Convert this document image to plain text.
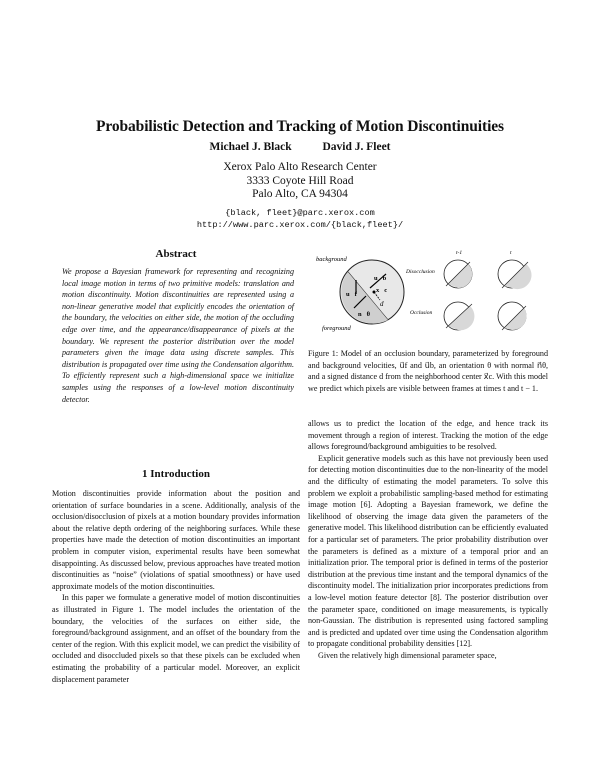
Probabilistic Detection and Tracking of Motion Discontinuities
Michael J. Black	David J. Fleet
Xerox Palo Alto Research Center
3333 Coyote Hill Road
Palo Alto, CA 94304
{black, fleet}@parc.xerox.com
http://www.parc.xerox.com/{black,fleet}/
Abstract
We propose a Bayesian framework for representing and recognizing local image motion in terms of two primitive models: translation and motion discontinuity. Motion discontinuities are represented using a non-linear generative model that explicitly encodes the orientation of the boundary, the velocities on either side, the motion of the occluding edge over time, and the appearance/disappearance of pixels at the boundary. We represent the posterior distribution over the model parameters given the image data using discrete samples. This distribution is propagated over time using the Condensation algorithm. To efficiently represent such a high-dimensional space we initialize samples using the responses of a low-level motion discontinuity detector.
1 Introduction

Motion discontinuities provide information about the position and orientation of surface boundaries in a scene. Additionally, analysis of the occlusion/disocclusion of pixels at a motion boundary provides information about the relative depth ordering of the neighboring surfaces. While these properties have made the detection of motion discontinuities an important problem in computer vision, experimental results have been somewhat disappointing. As discussed below, previous approaches have treated motion discontinuities as “noise” (violations of spatial smoothness) or have used approximate models of the motion discontinuities.

In this paper we formulate a generative model of motion discontinuities as illustrated in Figure 1. The model includes the orientation of the boundary, the velocities of the surfaces on either side, the foreground/background assignment, and an offset of the boundary from the center of the region. With this explicit model, we can predict the visibility of occluded and disoccluded pixels so that these pixels can be excluded when estimating the probability of a particular model. Moreover, an explicit displacement parameter

background
foreground
u⃗b
u⃗f
x⃗c
d
n⃗θ
t-1	t
Disocclusion
Occlusion
Figure 1: Model of an occlusion boundary, parameterized by foreground and background velocities, u⃗f and u⃗b, an orientation θ with normal n⃗θ, and a signed distance d from the neighborhood center x⃗c. With this model we predict which pixels are visible between frames at times t and t − 1.

allows us to predict the location of the edge, and hence track its movement through a region of interest. Tracking the motion of the edge allows foreground/background ambiguities to be resolved.

Explicit generative models such as this have not previously been used for detecting motion discontinuities due to the non-linearity of the model and the difficulty of estimating the model parameters. To solve this problem we exploit a probabilistic sampling-based method for estimating image motion [6]. Adopting a Bayesian framework, we define the likelihood of observing the image data given the parameters of the generative model. This likelihood distribution can be efficiently evaluated for a particular set of parameters. The prior probability distribution over the parameters is defined as a mixture of a temporal prior and an initialization prior. The temporal prior is defined in terms of the posterior distribution at the previous time instant and the temporal dynamics of the discontinuity model. The initialization prior incorporates predictions from a low-level motion feature detector [8]. The posterior distribution over the parameter space, conditioned on image measurements, is typically non-Gaussian. The distribution is represented using factored sampling and is predicted and updated over time using the Condensation algorithm to propagate conditional probability densities [12].

Given the relatively high dimensional parameter space,
